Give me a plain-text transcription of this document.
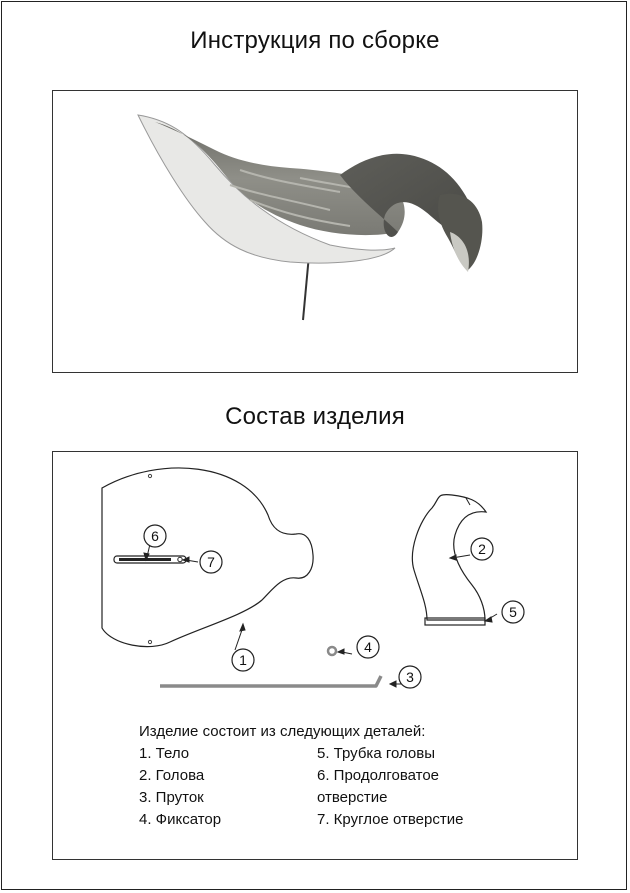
Инструкция по сборке
Состав изделия
1
2
3
4
5
6
7
Изделие состоит из следующих деталей:
1. Тело
2. Голова
3. Пруток
4. Фиксатор
5. Трубка головы
6. Продолговатое отверстие
7. Круглое отверстие
